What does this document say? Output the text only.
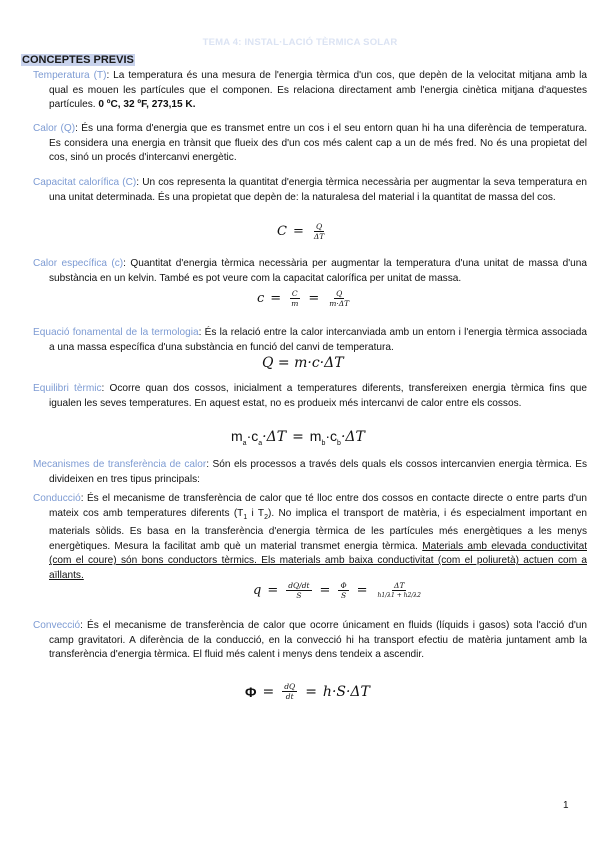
TEMA 4: INSTAL·LACIÓ TÈRMICA SOLAR
CONCEPTES PREVIS
Temperatura (T): La temperatura és una mesura de l'energia tèrmica d'un cos, que depèn de la velocitat mitjana amb la qual es mouen les partícules que el componen. Es relaciona directament amb l'energia cinètica mitjana d'aquestes partícules. 0 ºC, 32 ºF, 273,15 K.
Calor (Q): És una forma d'energia que es transmet entre un cos i el seu entorn quan hi ha una diferència de temperatura. Es considera una energia en trànsit que flueix des d'un cos més calent cap a un de més fred. No és una propietat del cos, sinó un procés d'intercanvi energètic.
Capacitat calorífica (C): Un cos representa la quantitat d'energia tèrmica necessària per augmentar la seva temperatura en una unitat determinada. És una propietat que depèn de: la naturalesa del material i la quantitat de massa del cos.
$C = \frac{Q}{\Delta T}$
Calor específica (c): Quantitat d'energia tèrmica necessària per augmentar la temperatura d'una unitat de massa d'una substància en un kelvin. També es pot veure com la capacitat calorífica per unitat de massa.
$c = \frac{C}{m} = \frac{Q}{m\cdot\Delta T}$
Equació fonamental de la termologia: És la relació entre la calor intercanviada amb un entorn i l'energia tèrmica associada a una massa específica d'una substància en funció del canvi de temperatura.
Q = m·c·ΔT
Equilibri tèrmic: Ocorre quan dos cossos, inicialment a temperatures diferents, transfereixen energia tèrmica fins que igualen les seves temperatures. En aquest estat, no es produeix més intercanvi de calor entre els cossos.
$m_a\cdot c_a \cdot\Delta T = m_b\cdot c_b \cdot\Delta T$
Mecanismes de transferència de calor: Són els processos a través dels quals els cossos intercanvien energia tèrmica. Es divideixen en tres tipus principals:
Conducció: És el mecanisme de transferència de calor que té lloc entre dos cossos en contacte directe o entre parts d'un mateix cos amb temperatures diferents ($T_1$ i $T_2$). No implica el transport de matèria, i és especialment important en materials sòlids. Es basa en la transferència d'energia tèrmica de les partícules més energètiques a les menys energètiques. Mesura la facilitat amb què un material transmet energia tèrmica. Materials amb elevada conductivitat (com el coure) són bons conductors tèrmics. Els materials amb baixa conductivitat (com el poliuretà) actuen com a aïllants.
$q = \frac{dQ/dt}{S} = \frac{\Phi}{S} = \frac{\Delta T}{h1/\lambda 1 + h2/\lambda 2}$
Convecció: És el mecanisme de transferència de calor que ocorre únicament en fluids (líquids i gasos) sota l'acció d'un camp gravitatori. A diferència de la conducció, en la convecció hi ha transport efectiu de matèria juntament amb la transferència d'energia tèrmica. El fluid més calent i menys dens tendeix a ascendir.
$\Phi = \frac{dQ}{dt} = h\cdot S\cdot\Delta T$
1
